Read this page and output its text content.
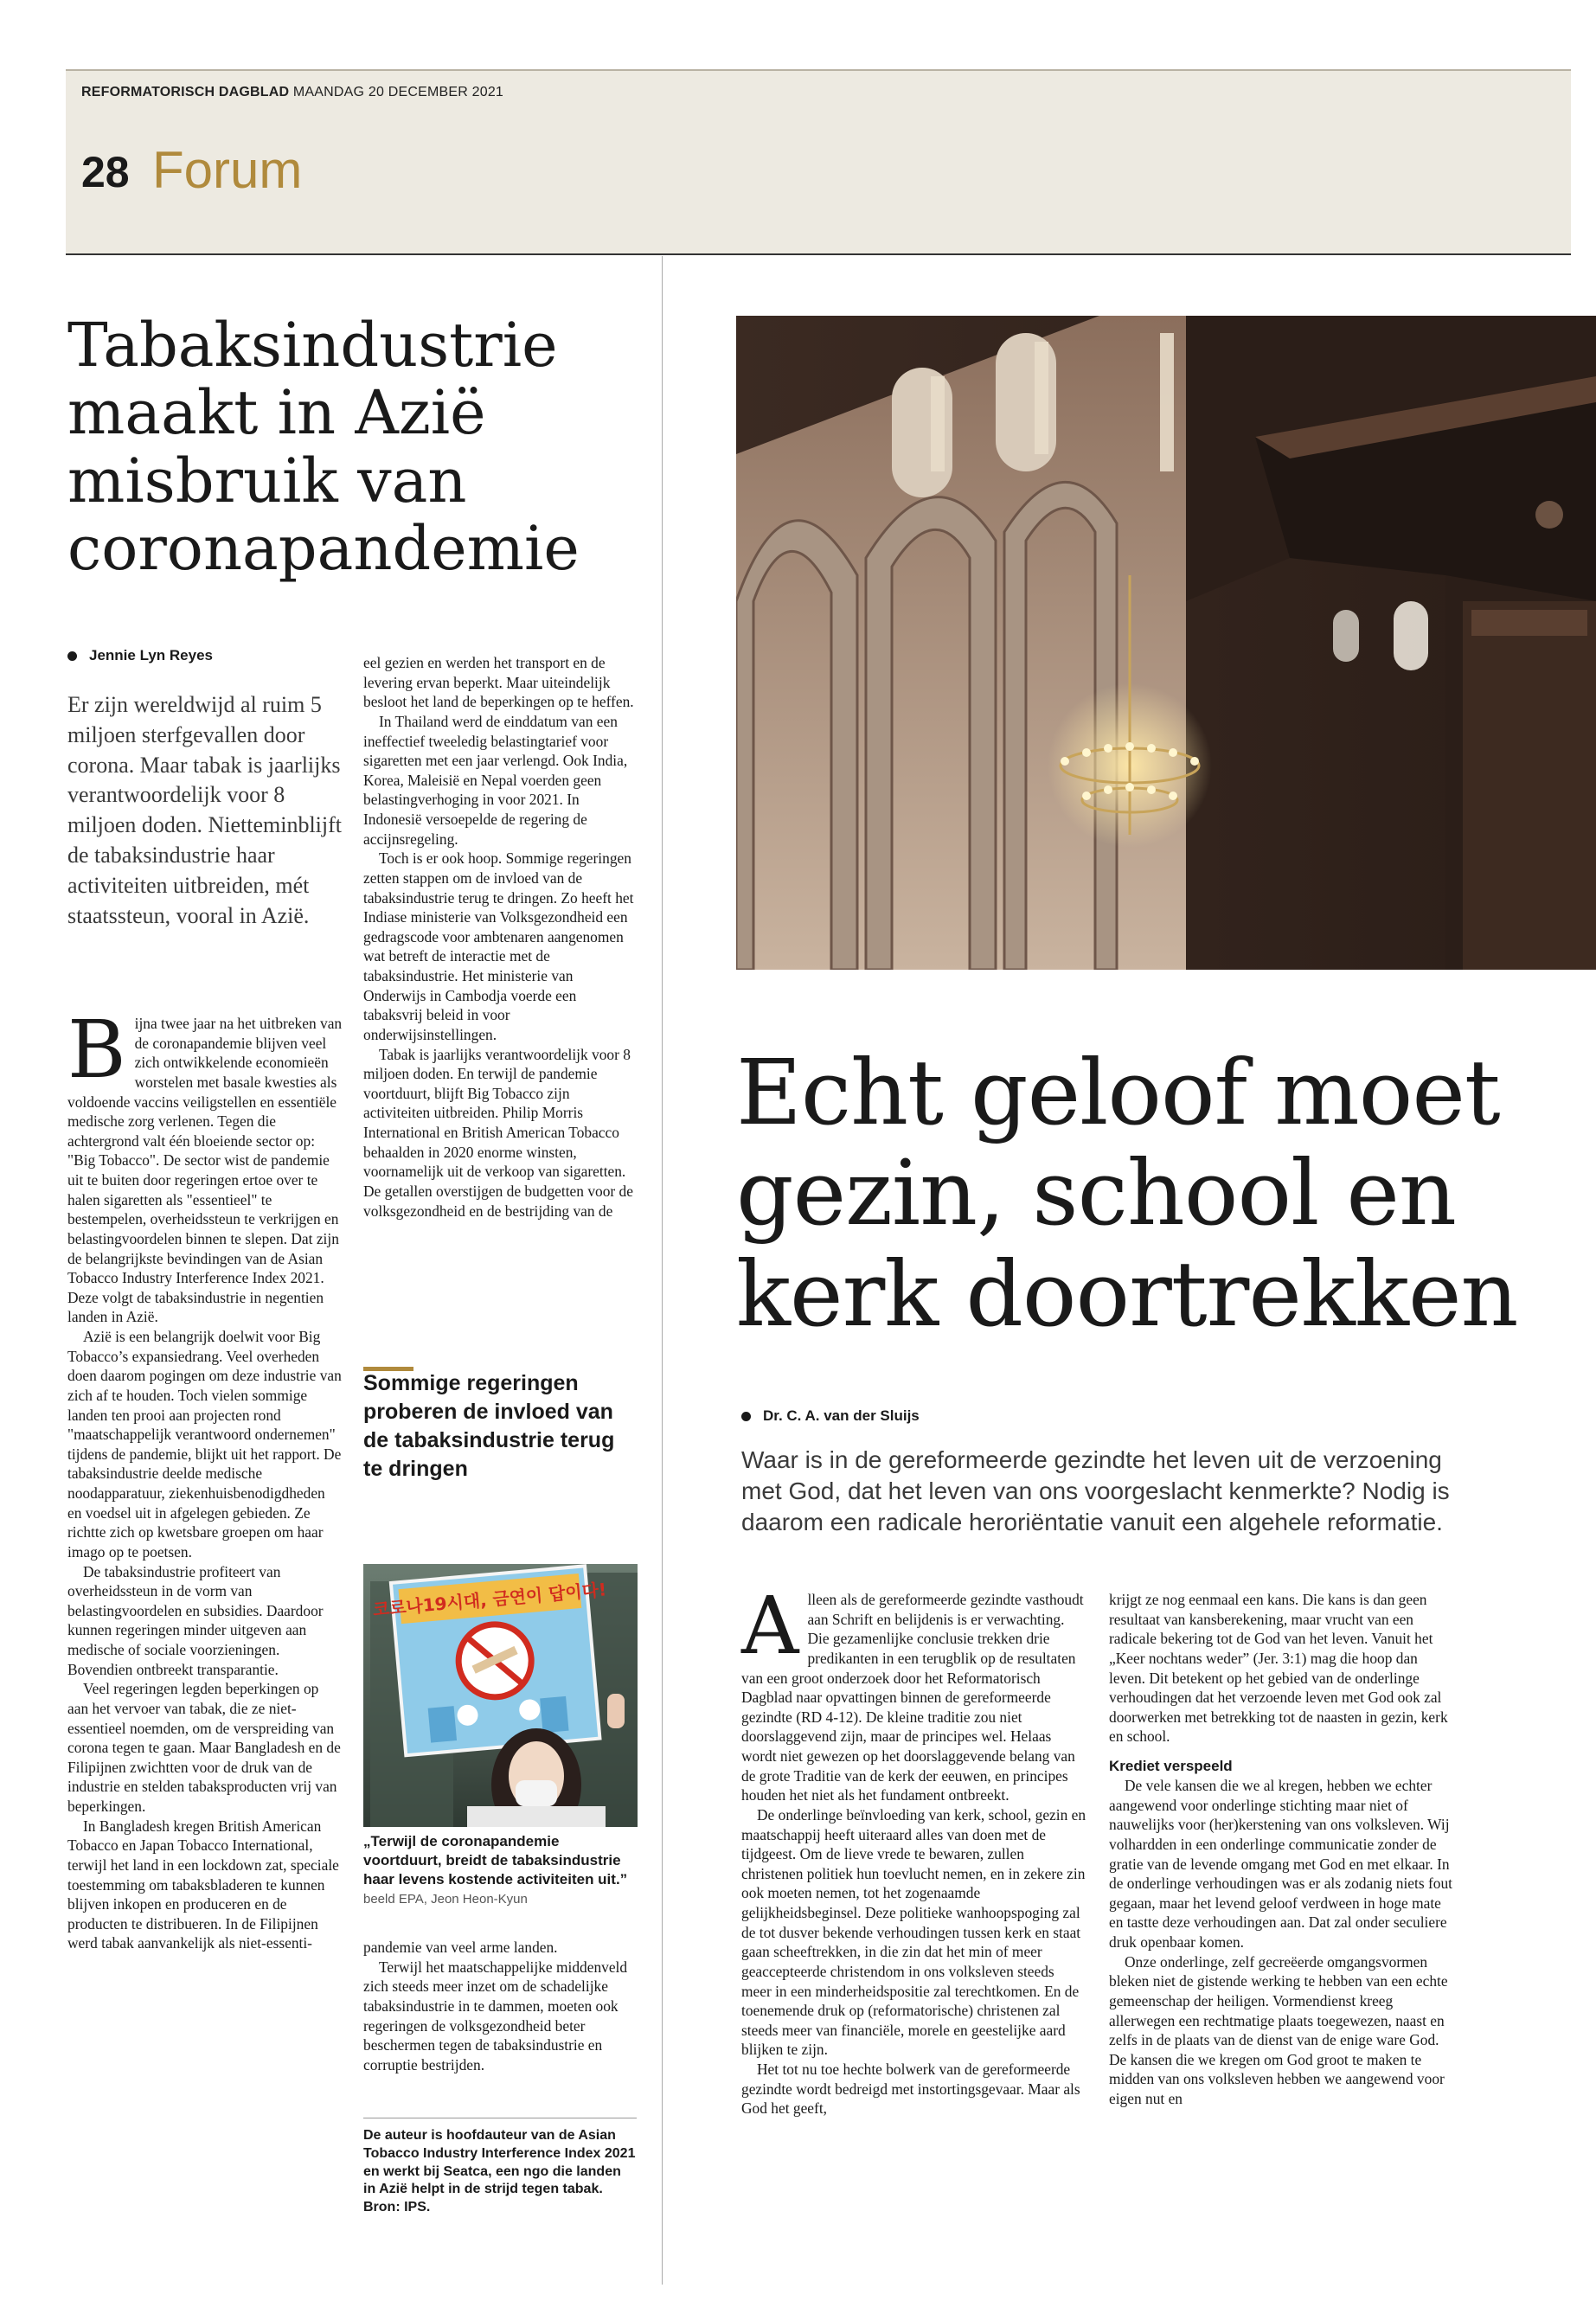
REFORMATORISCH DAGBLAD MAANDAG 20 DECEMBER 2021
28 Forum
Tabaksindustrie maakt in Azië misbruik van coronapandemie
Jennie Lyn Reyes
Er zijn wereldwijd al ruim 5 miljoen sterfgevallen door corona. Maar tabak is jaarlijks verantwoordelijk voor 8 miljoen doden. Nietteminblijft de tabaksindustrie haar activiteiten uitbreiden, mét staatssteun, vooral in Azië.

Bijna twee jaar na het uitbreken van de coronapandemie blijven veel zich ontwikkelende economieën worstelen met basale kwesties als voldoende vaccins veiligstellen en essentiële medische zorg verlenen. Tegen die achtergrond valt één bloeiende sector op: "Big Tobacco". De sector wist de pandemie uit te buiten door regeringen ertoe over te halen sigaretten als "essentieel" te bestempelen, overheidssteun te verkrijgen en belastingvoordelen binnen te slepen. Dat zijn de belangrijkste bevindingen van de Asian Tobacco Industry Interference Index 2021. Deze volgt de tabaksindustrie in negentien landen in Azië.

Azië is een belangrijk doelwit voor Big Tobacco’s expansiedrang. Veel overheden doen daarom pogingen om deze industrie van zich af te houden. Toch vielen sommige landen ten prooi aan projecten rond "maatschappelijk verantwoord ondernemen" tijdens de pandemie, blijkt uit het rapport. De tabaksindustrie deelde medische noodapparatuur, ziekenhuisbenodigdheden en voedsel uit in afgelegen gebieden. Ze richtte zich op kwetsbare groepen om haar imago op te poetsen.

De tabaksindustrie profiteert van overheidssteun in de vorm van belastingvoordelen en subsidies. Daardoor kunnen regeringen minder uitgeven aan medische of sociale voorzieningen. Bovendien ontbreekt transparantie.

Veel regeringen legden beperkingen op aan het vervoer van tabak, die ze niet-essentieel noemden, om de verspreiding van corona tegen te gaan. Maar Bangladesh en de Filipijnen zwichtten voor de druk van de industrie en stelden tabaksproducten vrij van beperkingen.

In Bangladesh kregen British American Tobacco en Japan Tobacco International, terwijl het land in een lockdown zat, speciale toestemming om tabaksbladeren te kunnen blijven inkopen en produceren en de producten te distribueren. In de Filipijnen werd tabak aanvankelijk als niet-essenti-

eel gezien en werden het transport en de levering ervan beperkt. Maar uiteindelijk besloot het land de beperkingen op te heffen.

In Thailand werd de einddatum van een ineffectief tweeledig belastingtarief voor sigaretten met een jaar verlengd. Ook India, Korea, Maleisië en Nepal voerden geen belastingverhoging in voor 2021. In Indonesië versoepelde de regering de accijnsregeling.

Toch is er ook hoop. Sommige regeringen zetten stappen om de invloed van de tabaksindustrie terug te dringen. Zo heeft het Indiase ministerie van Volksgezondheid een gedragscode voor ambtenaren aangenomen wat betreft de interactie met de tabaksindustrie. Het ministerie van Onderwijs in Cambodja voerde een tabaksvrij beleid in voor onderwijsinstellingen.

Tabak is jaarlijks verantwoordelijk voor 8 miljoen doden. En terwijl de pandemie voortduurt, blijft Big Tobacco zijn activiteiten uitbreiden. Philip Morris International en British American Tobacco behaalden in 2020 enorme winsten, voornamelijk uit de verkoop van sigaretten. De getallen overstijgen de budgetten voor de volksgezondheid en de bestrijding van de

Sommige regeringen proberen de invloed van de tabaksindustrie terug te dringen
코로나19시대, 금연이 답이다!
„Terwijl de coronapandemie voortduurt, breidt de tabaksindustrie haar levens kostende activiteiten uit.” beeld EPA, Jeon Heon-Kyun

pandemie van veel arme landen.

Terwijl het maatschappelijke middenveld zich steeds meer inzet om de schadelijke tabaksindustrie in te dammen, moeten ook regeringen de volksgezondheid beter beschermen tegen de tabaksindustrie en corruptie bestrijden.

De auteur is hoofdauteur van de Asian Tobacco Industry Interference Index 2021 en werkt bij Seatca, een ngo die landen in Azië helpt in de strijd tegen tabak. Bron: IPS.
Echt geloof moet gezin, school en kerk doortrekken
Dr. C. A. van der Sluijs
Waar is in de gereformeerde gezindte het leven uit de verzoening met God, dat het leven van ons voorgeslacht kenmerkte? Nodig is daarom een radicale heroriëntatie vanuit een algehele reformatie.

Alleen als de gereformeerde gezindte vasthoudt aan Schrift en belijdenis is er verwachting. Die gezamenlijke conclusie trekken drie predikanten in een terugblik op de resultaten van een groot onderzoek door het Reformatorisch Dagblad naar opvattingen binnen de gereformeerde gezindte (RD 4-12). De kleine traditie zou niet doorslaggevend zijn, maar de principes wel. Helaas wordt niet gewezen op het doorslaggevende belang van de grote Traditie van de kerk der eeuwen, en principes houden het niet als het fundament ontbreekt.

De onderlinge beïnvloeding van kerk, school, gezin en maatschappij heeft uiteraard alles van doen met de tijdgeest. Om de lieve vrede te bewaren, zullen christenen politiek hun toevlucht nemen, en in zekere zin ook moeten nemen, tot het zogenaamde gelijkheidsbeginsel. Deze politieke wanhoopspoging zal de tot dusver bekende verhoudingen tussen kerk en staat gaan scheeftrekken, in die zin dat het min of meer geaccepteerde christendom in ons volksleven steeds meer in een minderheidspositie zal terechtkomen. En de toenemende druk op (reformatorische) christenen zal steeds meer van financiële, morele en geestelijke aard blijken te zijn.

Het tot nu toe hechte bolwerk van de gereformeerde gezindte wordt bedreigd met instortingsgevaar. Maar als God het geeft,

krijgt ze nog eenmaal een kans. Die kans is dan geen resultaat van kansberekening, maar vrucht van een radicale bekering tot de God van het leven. Vanuit het „Keer nochtans weder” (Jer. 3:1) mag die hoop dan leven. Dit betekent op het gebied van de onderlinge verhoudingen dat het verzoende leven met God ook zal doorwerken met betrekking tot de naasten in gezin, kerk en school.

Krediet verspeeld

De vele kansen die we al kregen, hebben we echter aangewend voor onderlinge stichting maar niet of nauwelijks voor (her)kerstening van ons volksleven. Wij volhardden in een onderlinge communicatie zonder de gratie van de levende omgang met God en met elkaar. In de onderlinge verhoudingen was er als zodanig niets fout gegaan, maar het levend geloof verdween in hoge mate en tastte deze verhoudingen aan. Dat zal onder seculiere druk openbaar komen.

Onze onderlinge, zelf gecreëerde omgangsvormen bleken niet de gistende werking te hebben van een echte gemeenschap der heiligen. Vormendienst kreeg allerwegen een rechtmatige plaats toegewezen, naast en zelfs in de plaats van de dienst van de enige ware God. De kansen die we kregen om God groot te maken te midden van ons volksleven hebben we aangewend voor eigen nut en
